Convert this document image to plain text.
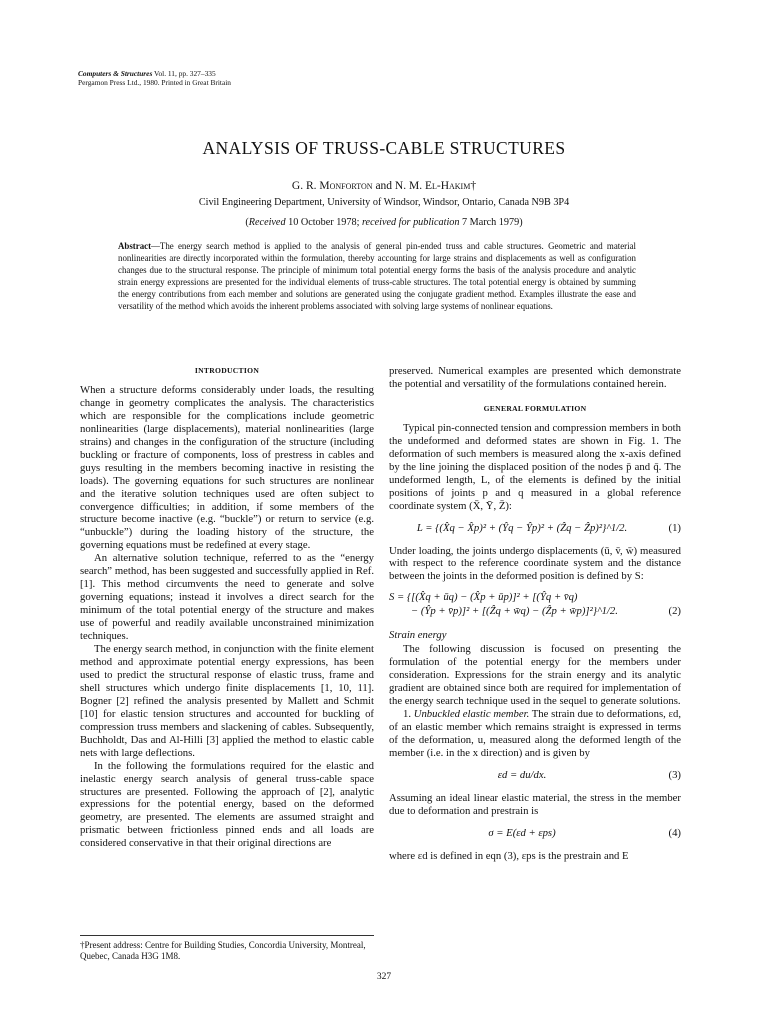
Computers & Structures Vol. 11, pp. 327–335
Pergamon Press Ltd., 1980. Printed in Great Britain
ANALYSIS OF TRUSS-CABLE STRUCTURES
G. R. Monforton and N. M. El-Hakim†
Civil Engineering Department, University of Windsor, Windsor, Ontario, Canada N9B 3P4
(Received 10 October 1978; received for publication 7 March 1979)
Abstract—The energy search method is applied to the analysis of general pin-ended truss and cable structures. Geometric and material nonlinearities are directly incorporated within the formulation, thereby accounting for large strains and displacements as well as configuration changes due to the structural response. The principle of minimum total potential energy forms the basis of the analysis procedure and analytic strain energy expressions are presented for the individual elements of truss-cable structures. The total potential energy is obtained by summing the energy contributions from each member and solutions are generated using the conjugate gradient method. Examples illustrate the ease and versatility of the method which avoids the inherent problems associated with solving large systems of nonlinear equations.
INTRODUCTION

When a structure deforms considerably under loads, the resulting change in geometry complicates the analysis. The characteristics which are responsible for the complications include geometric nonlinearities (large displacements), material nonlinearities (large strains) and changes in the configuration of the structure (including buckling or fracture of components, loss of prestress in cables and guys resulting in the members becoming inactive in resisting the loads). The governing equations for such structures are nonlinear and the iterative solution techniques used are often subject to convergence difficulties; in addition, if some members of the structure become inactive (e.g. “buckle”) or return to service (e.g. “unbuckle”) during the loading history of the structure, the governing equations must be redefined at every stage.

An alternative solution technique, referred to as the “energy search” method, has been suggested and successfully applied in Ref. [1]. This method circumvents the need to generate and solve governing equations; instead it involves a direct search for the minimum of the total potential energy of the structure and makes use of powerful and readily available unconstrained minimization techniques.

The energy search method, in conjunction with the finite element method and approximate potential energy expressions, has been used to predict the structural response of elastic truss, frame and shell structures which undergo finite displacements [1, 10, 11]. Bogner [2] refined the analysis presented by Mallett and Schmit [10] for elastic tension structures and accounted for buckling of compression truss members and slackening of cables. Subsequently, Buchholdt, Das and Al-Hilli [3] applied the method to elastic cable nets with large deflections.

In the following the formulations required for the elastic and inelastic energy search analysis of general truss-cable space structures are presented. Following the approach of [2], analytic expressions for the potential energy, based on the deformed geometry, are presented. The elements are assumed straight and prismatic between frictionless pinned ends and all loads are considered conservative in that their original directions are

preserved. Numerical examples are presented which demonstrate the potential and versatility of the formulations contained herein.

GENERAL FORMULATION

Typical pin-connected tension and compression members in both the undeformed and deformed states are shown in Fig. 1. The deformation of such members is measured along the x-axis defined by the line joining the displaced position of the nodes p̄ and q̄. The undeformed length, L, of the elements is defined by the initial positions of joints p and q measured in a global reference coordinate system (X̄, Ȳ, Z̄):

L = {(X̂q − X̂p)² + (Ŷq − Ŷp)² + (Ẑq − Ẑp)²}^1/2.	(1)

Under loading, the joints undergo displacements (ū, v̄, w̄) measured with respect to the reference coordinate system and the distance between the joints in the deformed position is defined by S:

S = {[(X̂q + ūq) − (X̂p + ūp)]² + [(Ŷq + v̄q)
− (Ŷp + v̄p)]² + [(Ẑq + w̄q) − (Ẑp + w̄p)]²}^1/2.	(2)
Strain energy

The following discussion is focused on presenting the formulation of the potential energy for the members under consideration. Expressions for the strain energy and its analytic gradient are obtained since both are required for implementation of the energy search technique used in the sequel to generate solutions.

1. Unbuckled elastic member. The strain due to deformations, εd, of an elastic member which remains straight is expressed in terms of the deformation, u, measured along the deformed length of the member (i.e. in the x direction) and is given by

εd = du/dx.	(3)

Assuming an ideal linear elastic material, the stress in the member due to deformation and prestrain is

σ = E(εd + εps)	(4)

where εd is defined in eqn (3), εps is the prestrain and E

†Present address: Centre for Building Studies, Concordia University, Montreal, Quebec, Canada H3G 1M8.
327
